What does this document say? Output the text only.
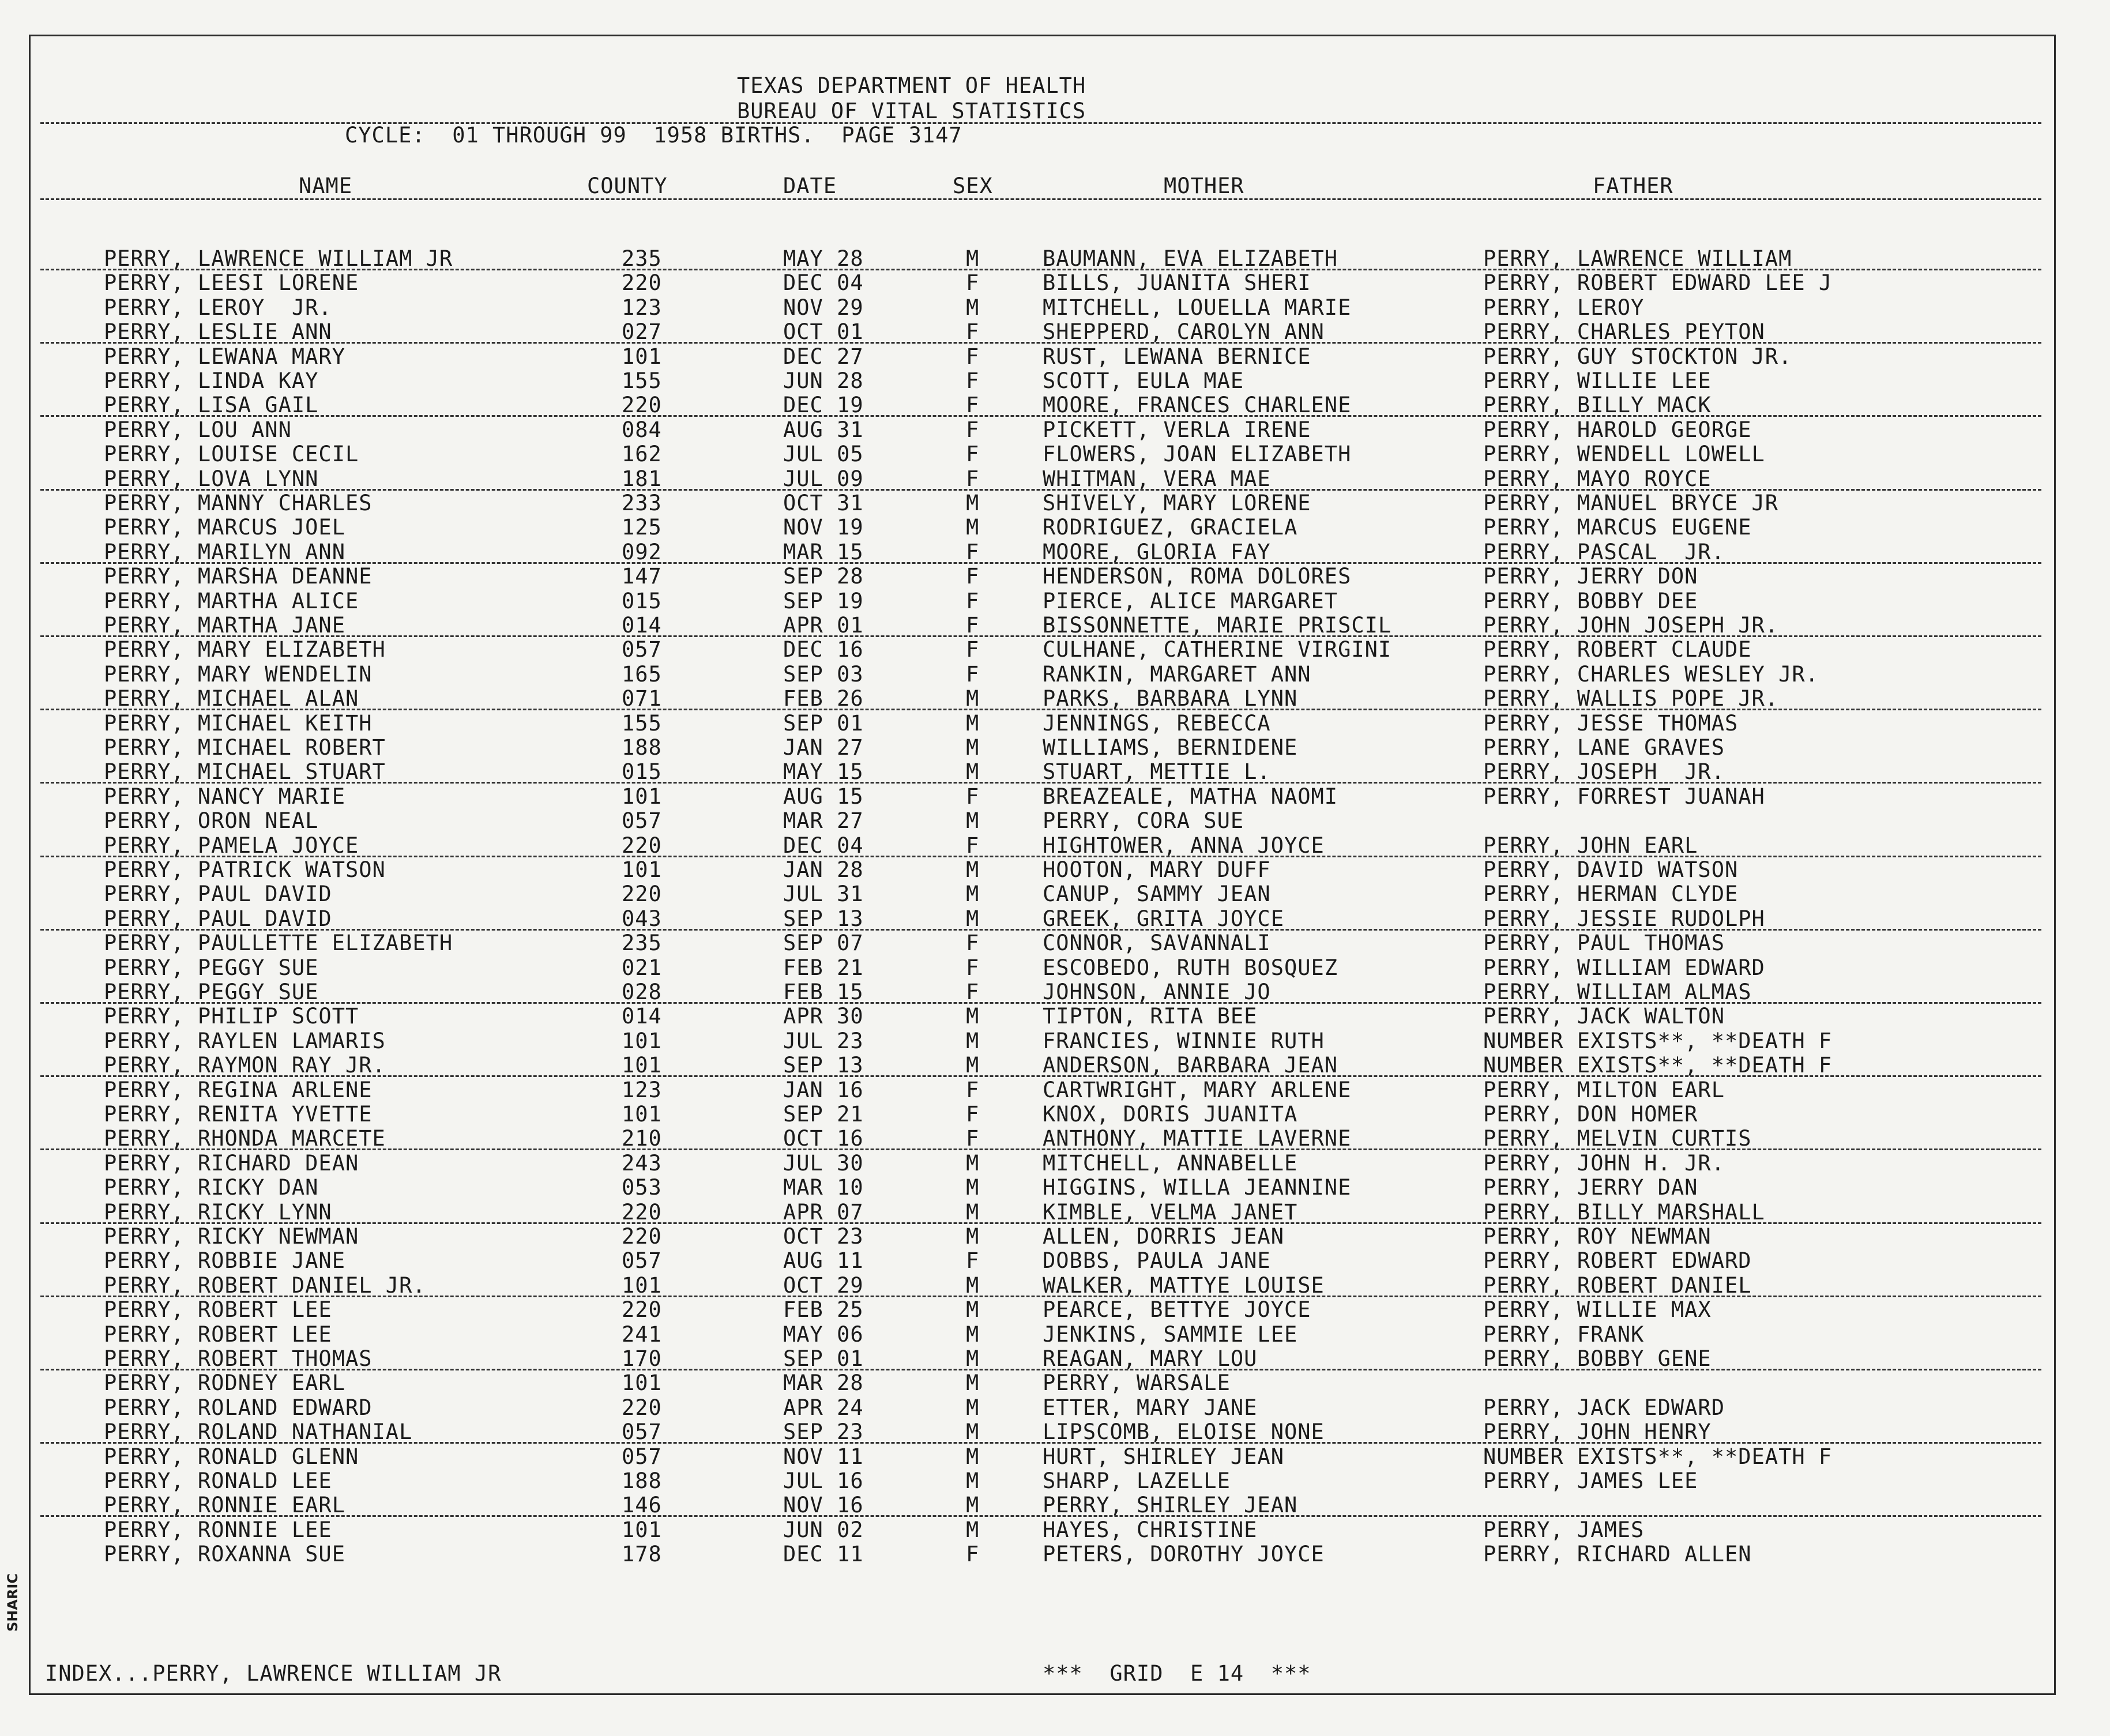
TEXAS DEPARTMENT OF HEALTH
BUREAU OF VITAL STATISTICS
CYCLE:  01 THROUGH 99  1958 BIRTHS.  PAGE 3147
NAME	COUNTY	DATE	SEX	MOTHER	FATHER
PERRY, LAWRENCE WILLIAM JR	235	MAY 28	M	BAUMANN, EVA ELIZABETH	PERRY, LAWRENCE WILLIAM
PERRY, LEESI LORENE	220	DEC 04	F	BILLS, JUANITA SHERI	PERRY, ROBERT EDWARD LEE J
PERRY, LEROY  JR.	123	NOV 29	M	MITCHELL, LOUELLA MARIE	PERRY, LEROY
PERRY, LESLIE ANN	027	OCT 01	F	SHEPPERD, CAROLYN ANN	PERRY, CHARLES PEYTON
PERRY, LEWANA MARY	101	DEC 27	F	RUST, LEWANA BERNICE	PERRY, GUY STOCKTON JR.
PERRY, LINDA KAY	155	JUN 28	F	SCOTT, EULA MAE	PERRY, WILLIE LEE
PERRY, LISA GAIL	220	DEC 19	F	MOORE, FRANCES CHARLENE	PERRY, BILLY MACK
PERRY, LOU ANN	084	AUG 31	F	PICKETT, VERLA IRENE	PERRY, HAROLD GEORGE
PERRY, LOUISE CECIL	162	JUL 05	F	FLOWERS, JOAN ELIZABETH	PERRY, WENDELL LOWELL
PERRY, LOVA LYNN	181	JUL 09	F	WHITMAN, VERA MAE	PERRY, MAYO ROYCE
PERRY, MANNY CHARLES	233	OCT 31	M	SHIVELY, MARY LORENE	PERRY, MANUEL BRYCE JR
PERRY, MARCUS JOEL	125	NOV 19	M	RODRIGUEZ, GRACIELA	PERRY, MARCUS EUGENE
PERRY, MARILYN ANN	092	MAR 15	F	MOORE, GLORIA FAY	PERRY, PASCAL  JR.
PERRY, MARSHA DEANNE	147	SEP 28	F	HENDERSON, ROMA DOLORES	PERRY, JERRY DON
PERRY, MARTHA ALICE	015	SEP 19	F	PIERCE, ALICE MARGARET	PERRY, BOBBY DEE
PERRY, MARTHA JANE	014	APR 01	F	BISSONNETTE, MARIE PRISCIL	PERRY, JOHN JOSEPH JR.
PERRY, MARY ELIZABETH	057	DEC 16	F	CULHANE, CATHERINE VIRGINI	PERRY, ROBERT CLAUDE
PERRY, MARY WENDELIN	165	SEP 03	F	RANKIN, MARGARET ANN	PERRY, CHARLES WESLEY JR.
PERRY, MICHAEL ALAN	071	FEB 26	M	PARKS, BARBARA LYNN	PERRY, WALLIS POPE JR.
PERRY, MICHAEL KEITH	155	SEP 01	M	JENNINGS, REBECCA	PERRY, JESSE THOMAS
PERRY, MICHAEL ROBERT	188	JAN 27	M	WILLIAMS, BERNIDENE	PERRY, LANE GRAVES
PERRY, MICHAEL STUART	015	MAY 15	M	STUART, METTIE L.	PERRY, JOSEPH  JR.
PERRY, NANCY MARIE	101	AUG 15	F	BREAZEALE, MATHA NAOMI	PERRY, FORREST JUANAH
PERRY, ORON NEAL	057	MAR 27	M	PERRY, CORA SUE
PERRY, PAMELA JOYCE	220	DEC 04	F	HIGHTOWER, ANNA JOYCE	PERRY, JOHN EARL
PERRY, PATRICK WATSON	101	JAN 28	M	HOOTON, MARY DUFF	PERRY, DAVID WATSON
PERRY, PAUL DAVID	220	JUL 31	M	CANUP, SAMMY JEAN	PERRY, HERMAN CLYDE
PERRY, PAUL DAVID	043	SEP 13	M	GREEK, GRITA JOYCE	PERRY, JESSIE RUDOLPH
PERRY, PAULLETTE ELIZABETH	235	SEP 07	F	CONNOR, SAVANNALI	PERRY, PAUL THOMAS
PERRY, PEGGY SUE	021	FEB 21	F	ESCOBEDO, RUTH BOSQUEZ	PERRY, WILLIAM EDWARD
PERRY, PEGGY SUE	028	FEB 15	F	JOHNSON, ANNIE JO	PERRY, WILLIAM ALMAS
PERRY, PHILIP SCOTT	014	APR 30	M	TIPTON, RITA BEE	PERRY, JACK WALTON
PERRY, RAYLEN LAMARIS	101	JUL 23	M	FRANCIES, WINNIE RUTH	NUMBER EXISTS**, **DEATH F
PERRY, RAYMON RAY JR.	101	SEP 13	M	ANDERSON, BARBARA JEAN	NUMBER EXISTS**, **DEATH F
PERRY, REGINA ARLENE	123	JAN 16	F	CARTWRIGHT, MARY ARLENE	PERRY, MILTON EARL
PERRY, RENITA YVETTE	101	SEP 21	F	KNOX, DORIS JUANITA	PERRY, DON HOMER
PERRY, RHONDA MARCETE	210	OCT 16	F	ANTHONY, MATTIE LAVERNE	PERRY, MELVIN CURTIS
PERRY, RICHARD DEAN	243	JUL 30	M	MITCHELL, ANNABELLE	PERRY, JOHN H. JR.
PERRY, RICKY DAN	053	MAR 10	M	HIGGINS, WILLA JEANNINE	PERRY, JERRY DAN
PERRY, RICKY LYNN	220	APR 07	M	KIMBLE, VELMA JANET	PERRY, BILLY MARSHALL
PERRY, RICKY NEWMAN	220	OCT 23	M	ALLEN, DORRIS JEAN	PERRY, ROY NEWMAN
PERRY, ROBBIE JANE	057	AUG 11	F	DOBBS, PAULA JANE	PERRY, ROBERT EDWARD
PERRY, ROBERT DANIEL JR.	101	OCT 29	M	WALKER, MATTYE LOUISE	PERRY, ROBERT DANIEL
PERRY, ROBERT LEE	220	FEB 25	M	PEARCE, BETTYE JOYCE	PERRY, WILLIE MAX
PERRY, ROBERT LEE	241	MAY 06	M	JENKINS, SAMMIE LEE	PERRY, FRANK
PERRY, ROBERT THOMAS	170	SEP 01	M	REAGAN, MARY LOU	PERRY, BOBBY GENE
PERRY, RODNEY EARL	101	MAR 28	M	PERRY, WARSALE
PERRY, ROLAND EDWARD	220	APR 24	M	ETTER, MARY JANE	PERRY, JACK EDWARD
PERRY, ROLAND NATHANIAL	057	SEP 23	M	LIPSCOMB, ELOISE NONE	PERRY, JOHN HENRY
PERRY, RONALD GLENN	057	NOV 11	M	HURT, SHIRLEY JEAN	NUMBER EXISTS**, **DEATH F
PERRY, RONALD LEE	188	JUL 16	M	SHARP, LAZELLE	PERRY, JAMES LEE
PERRY, RONNIE EARL	146	NOV 16	M	PERRY, SHIRLEY JEAN
PERRY, RONNIE LEE	101	JUN 02	M	HAYES, CHRISTINE	PERRY, JAMES
PERRY, ROXANNA SUE	178	DEC 11	F	PETERS, DOROTHY JOYCE	PERRY, RICHARD ALLEN
INDEX...PERRY, LAWRENCE WILLIAM JR	***  GRID  E 14  ***
SHARIC
